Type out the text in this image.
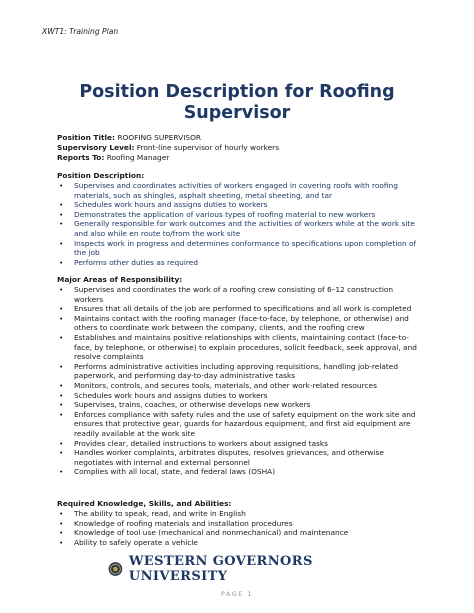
XWT1: Training Plan
Position Description for Roofing Supervisor
Position Title: ROOFING SUPERVISOR
Supervisory Level: Front-line supervisor of hourly workers
Reports To: Roofing Manager
Position Description:
• Supervises and coordinates activities of workers engaged in covering roofs with roofing materials, such as shingles, asphalt sheeting, metal sheeting, and tar
• Schedules work hours and assigns duties to workers
• Demonstrates the application of various types of roofing material to new workers
• Generally responsible for work outcomes and the activities of workers while at the work site and also while en route to/from the work site
• Inspects work in progress and determines conformance to specifications upon completion of the job
• Performs other duties as required
Major Areas of Responsibility:
• Supervises and coordinates the work of a roofing crew consisting of 6–12 construction workers
• Ensures that all details of the job are performed to specifications and all work is completed
• Maintains contact with the roofing manager (face-to-face, by telephone, or otherwise) and others to coordinate work between the company, clients, and the roofing crew
• Establishes and maintains positive relationships with clients, maintaining contact (face-to-face, by telephone, or otherwise) to explain procedures, solicit feedback, seek approval, and resolve complaints
• Performs administrative activities including approving requisitions, handling job-related paperwork, and performing day-to-day administrative tasks
• Monitors, controls, and secures tools, materials, and other work-related resources
• Schedules work hours and assigns duties to workers
• Supervises, trains, coaches, or otherwise develops new workers
• Enforces compliance with safety rules and the use of safety equipment on the work site and ensures that protective gear, guards for hazardous equipment, and first aid equipment are readily available at the work site
• Provides clear, detailed instructions to workers about assigned tasks
• Handles worker complaints, arbitrates disputes, resolves grievances, and otherwise negotiates with internal and external personnel
• Complies with all local, state, and federal laws (OSHA)
Required Knowledge, Skills, and Abilities:
• The ability to speak, read, and write in English
• Knowledge of roofing materials and installation procedures
• Knowledge of tool use (mechanical and nonmechanical) and maintenance
• Ability to safely operate a vehicle
WESTERN GOVERNORS UNIVERSITY
PAGE 1
